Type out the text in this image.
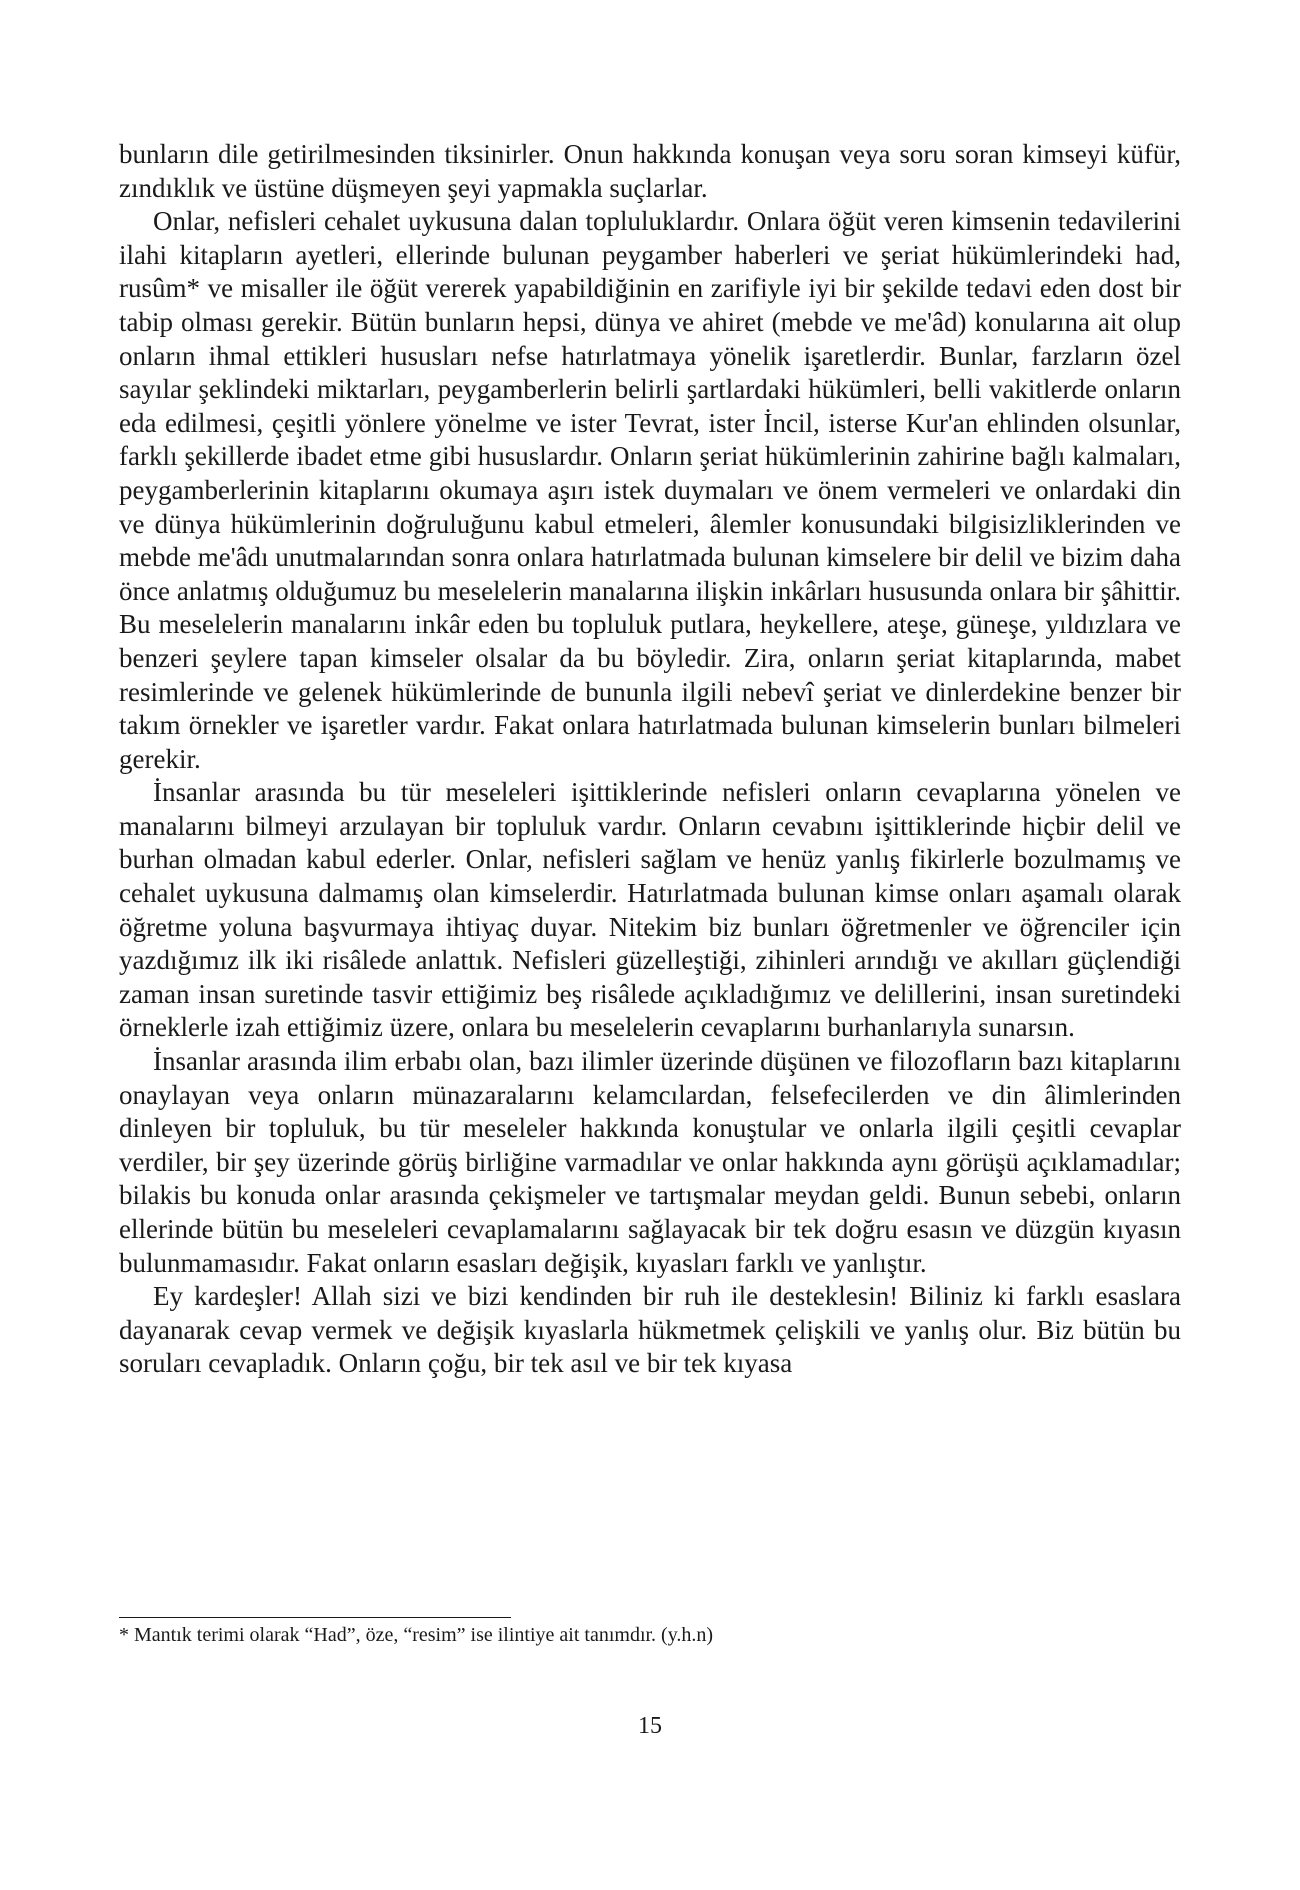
bunların dile getirilmesinden tiksinirler. Onun hakkında konuşan veya soru soran kimseyi küfür, zındıklık ve üstüne düşmeyen şeyi yapmakla suçlarlar.

Onlar, nefisleri cehalet uykusuna dalan topluluklardır. Onlara öğüt veren kimsenin tedavilerini ilahi kitapların ayetleri, ellerinde bulunan peygamber haberleri ve şeriat hükümlerindeki had, rusûm* ve misaller ile öğüt vererek yapabildiğinin en zarifiyle iyi bir şekilde tedavi eden dost bir tabip olması gerekir. Bütün bunların hepsi, dünya ve ahiret (mebde ve me'âd) konularına ait olup onların ihmal ettikleri hususları nefse hatırlatmaya yönelik işaretlerdir. Bunlar, farzların özel sayılar şeklindeki miktarları, peygamberlerin belirli şartlardaki hükümleri, belli vakitlerde onların eda edilmesi, çeşitli yönlere yönelme ve ister Tevrat, ister İncil, isterse Kur'an ehlinden olsunlar, farklı şekillerde ibadet etme gibi hususlardır. Onların şeriat hükümlerinin zahirine bağlı kalmaları, peygamberlerinin kitaplarını okumaya aşırı istek duymaları ve önem vermeleri ve onlardaki din ve dünya hükümlerinin doğruluğunu kabul etmeleri, âlemler konusundaki bilgisizliklerinden ve mebde me'âdı unutmalarından sonra onlara hatırlatmada bulunan kimselere bir delil ve bizim daha önce anlatmış olduğumuz bu meselelerin manalarına ilişkin inkârları hususunda onlara bir şâhittir. Bu meselelerin manalarını inkâr eden bu topluluk putlara, heykellere, ateşe, güneşe, yıldızlara ve benzeri şeylere tapan kimseler olsalar da bu böyledir. Zira, onların şeriat kitaplarında, mabet resimlerinde ve gelenek hükümlerinde de bununla ilgili nebevî şeriat ve dinlerdekine benzer bir takım örnekler ve işaretler vardır. Fakat onlara hatırlatmada bulunan kimselerin bunları bilmeleri gerekir.

İnsanlar arasında bu tür meseleleri işittiklerinde nefisleri onların cevaplarına yönelen ve manalarını bilmeyi arzulayan bir topluluk vardır. Onların cevabını işittiklerinde hiçbir delil ve burhan olmadan kabul ederler. Onlar, nefisleri sağlam ve henüz yanlış fikirlerle bozulmamış ve cehalet uykusuna dalmamış olan kimselerdir. Hatırlatmada bulunan kimse onları aşamalı olarak öğretme yoluna başvurmaya ihtiyaç duyar. Nitekim biz bunları öğretmenler ve öğrenciler için yazdığımız ilk iki risâlede anlattık. Nefisleri güzelleştiği, zihinleri arındığı ve akılları güçlendiği zaman insan suretinde tasvir ettiğimiz beş risâlede açıkladığımız ve delillerini, insan suretindeki örneklerle izah ettiğimiz üzere, onlara bu meselelerin cevaplarını burhanlarıyla sunarsın.

İnsanlar arasında ilim erbabı olan, bazı ilimler üzerinde düşünen ve filozofların bazı kitaplarını onaylayan veya onların münazaralarını kelamcılardan, felsefecilerden ve din âlimlerinden dinleyen bir topluluk, bu tür meseleler hakkında konuştular ve onlarla ilgili çeşitli cevaplar verdiler, bir şey üzerinde görüş birliğine varmadılar ve onlar hakkında aynı görüşü açıklamadılar; bilakis bu konuda onlar arasında çekişmeler ve tartışmalar meydan geldi. Bunun sebebi, onların ellerinde bütün bu meseleleri cevaplamalarını sağlayacak bir tek doğru esasın ve düzgün kıyasın bulunmamasıdır. Fakat onların esasları değişik, kıyasları farklı ve yanlıştır.

Ey kardeşler! Allah sizi ve bizi kendinden bir ruh ile desteklesin! Biliniz ki farklı esaslara dayanarak cevap vermek ve değişik kıyaslarla hükmetmek çelişkili ve yanlış olur. Biz bütün bu soruları cevapladık. Onların çoğu, bir tek asıl ve bir tek kıyasa

* Mantık terimi olarak “Had”, öze, “resim” ise ilintiye ait tanımdır. (y.h.n)

15
